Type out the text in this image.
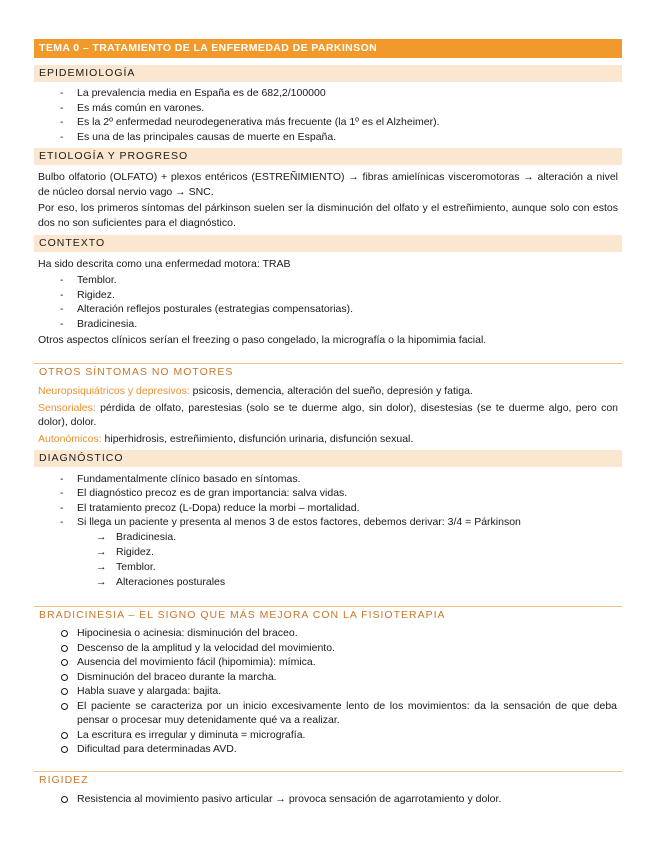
TEMA 0 – TRATAMIENTO DE LA ENFERMEDAD DE PARKINSON
EPIDEMIOLOGÍA
- La prevalencia media en España es de 682,2/100000
- Es más común en varones.
- Es la 2º enfermedad neurodegenerativa más frecuente (la 1º es el Alzheimer).
- Es una de las principales causas de muerte en España.
ETIOLOGÍA Y PROGRESO
Bulbo olfatorio (OLFATO) + plexos entéricos (ESTREÑIMIENTO) → fibras amielínicas visceromotoras → alteración a nivel
de núcleo dorsal nervio vago → SNC.
Por eso, los primeros síntomas del párkinson suelen ser la disminución del olfato y el estreñimiento, aunque solo con estos
dos no son suficientes para el diagnóstico.
CONTEXTO
Ha sido descrita como una enfermedad motora: TRAB
- Temblor.
- Rigidez.
- Alteración reflejos posturales (estrategias compensatorias).
- Bradicinesia.
Otros aspectos clínicos serían el freezing o paso congelado, la micrografía o la hipomimia facial.
OTROS SÍNTOMAS NO MOTORES
Neuropsiquiátricos y depresivos: psicosis, demencia, alteración del sueño, depresión y fatiga.
Sensoriales: pérdida de olfato, parestesias (solo se te duerme algo, sin dolor), disestesias (se te duerme algo, pero con
dolor), dolor.
Autonómicos: hiperhidrosis, estreñimiento, disfunción urinaria, disfunción sexual.
DIAGNÓSTICO
- Fundamentalmente clínico basado en síntomas.
- El diagnóstico precoz es de gran importancia: salva vidas.
- El tratamiento precoz (L-Dopa) reduce la morbi – mortalidad.
- Si llega un paciente y presenta al menos 3 de estos factores, debemos derivar: 3/4 = Párkinson
→ Bradicinesia.
→ Rigidez.
→ Temblor.
→ Alteraciones posturales
BRADICINESIA – EL SIGNO QUE MÁS MEJORA CON LA FISIOTERAPIA
Hipocinesia o acinesia: disminución del braceo.
Descenso de la amplitud y la velocidad del movimiento.
Ausencia del movimiento fácil (hipomimia): mímica.
Disminución del braceo durante la marcha.
Habla suave y alargada: bajita.
El paciente se caracteriza por un inicio excesivamente lento de los movimientos: da la sensación de que deba
pensar o procesar muy detenidamente qué va a realizar.
La escritura es irregular y diminuta = micrografía.
Dificultad para determinadas AVD.
RIGIDEZ
Resistencia al movimiento pasivo articular → provoca sensación de agarrotamiento y dolor.
